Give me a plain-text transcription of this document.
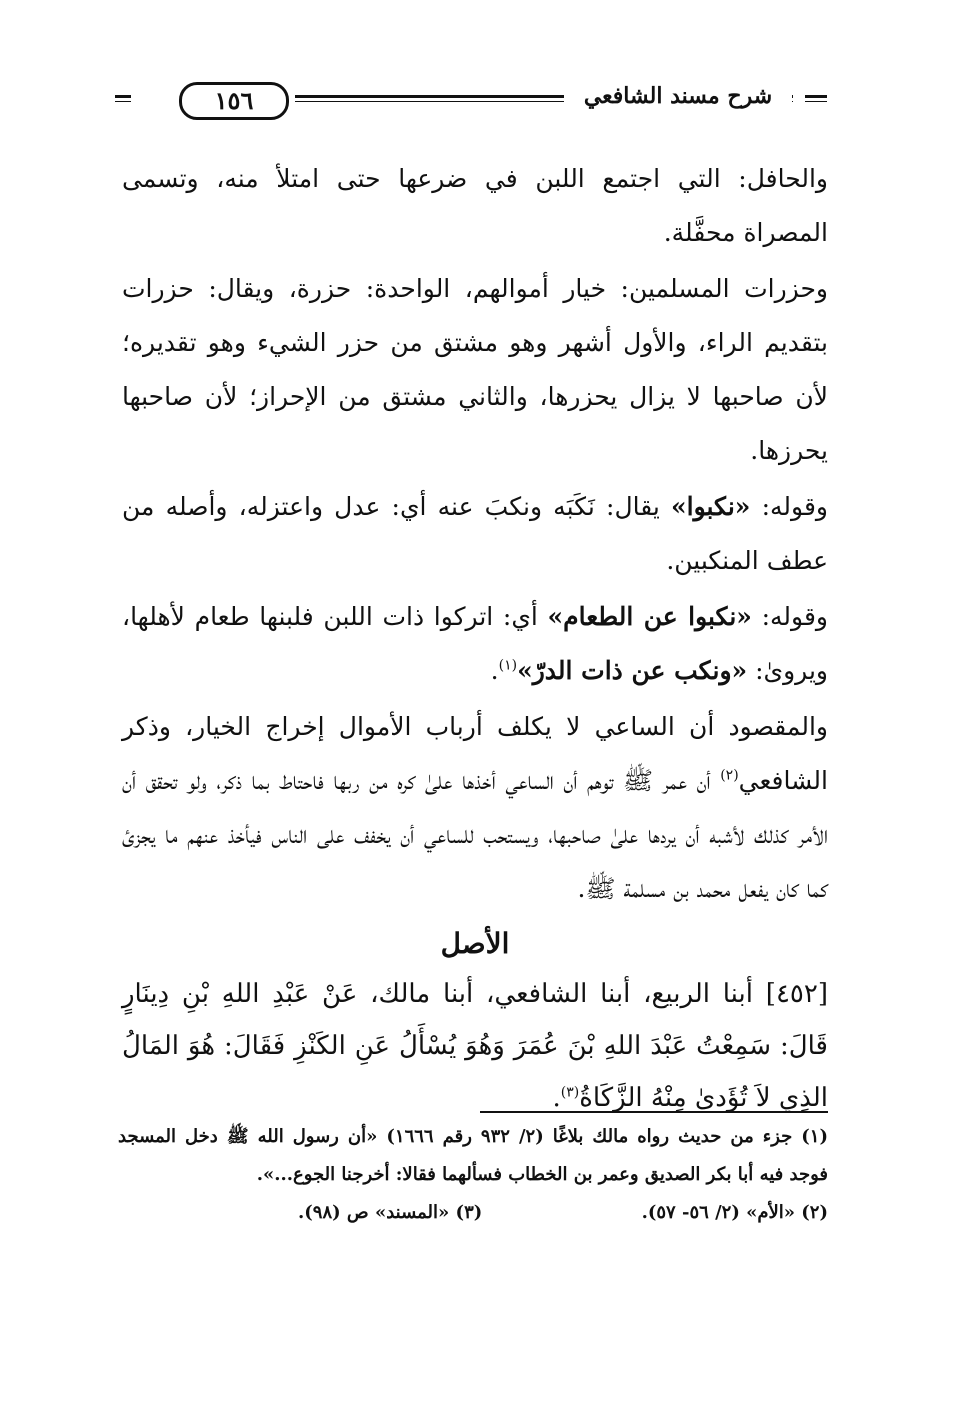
١٥٦	شرح مسند الشافعي

والحافل: التي اجتمع اللبن في ضرعها حتى امتلأ منه، وتسمى المصراة محفَّلة.

وحزرات المسلمين: خيار أموالهم، الواحدة: حزرة، ويقال: حزرات بتقديم الراء، والأول أشهر وهو مشتق من حزر الشيء وهو تقديره؛ لأن صاحبها لا يزال يحزرها، والثاني مشتق من الإحراز؛ لأن صاحبها يحرزها.

وقوله: «نكبوا» يقال: نَكَبَه ونكبَ عنه أي: عدل واعتزله، وأصله من عطف المنكبين.

وقوله: «نكبوا عن الطعام» أي: اتركوا ذات اللبن فلبنها طعام لأهلها، ويروىٰ: «ونكب عن ذات الدرّ»$^{(١)}$.

والمقصود أن الساعي لا يكلف أرباب الأموال إخراج الخيار، وذكر الشافعي$^{(٢)}$ أن عمر ﷺ توهم أن الساعي أخذها علىٰ كره من ربها فاحتاط بما ذكر، ولو تحقق أن الأمر كذلك لأشبه أن يردها علىٰ صاحبها، ويستحب للساعي أن يخفف على الناس فيأخذ عنهم ما يجزئ كما كان يفعل محمد بن مسلمة ﷺ.

الأصل

[٤٥٢] أبنا الربيع، أبنا الشافعي، أبنا مالك، عَنْ عَبْدِ اللهِ بْنِ دِينَارٍ قَالَ: سَمِعْتُ عَبْدَ اللهِ بْنَ عُمَرَ وَهُوَ يُسْأَلُ عَنِ الكَنْزِ فَقَالَ: هُوَ المَالُ الذِي لاَ تُؤَدىٰ مِنْهُ الزَّكَاةُ$^{(٣)}$.

(١) جزء من حديث رواه مالك بلاغًا (٢/ ٩٣٢ رقم ١٦٦٦) «أن رسول الله ﷺ دخل المسجد فوجد فيه أبا بكر الصديق وعمر بن الخطاب فسألهما فقالا: أخرجنا الجوع...».

(٢) «الأم» (٢/ ٥٦- ٥٧).
(٣) «المسند» ص (٩٨).
